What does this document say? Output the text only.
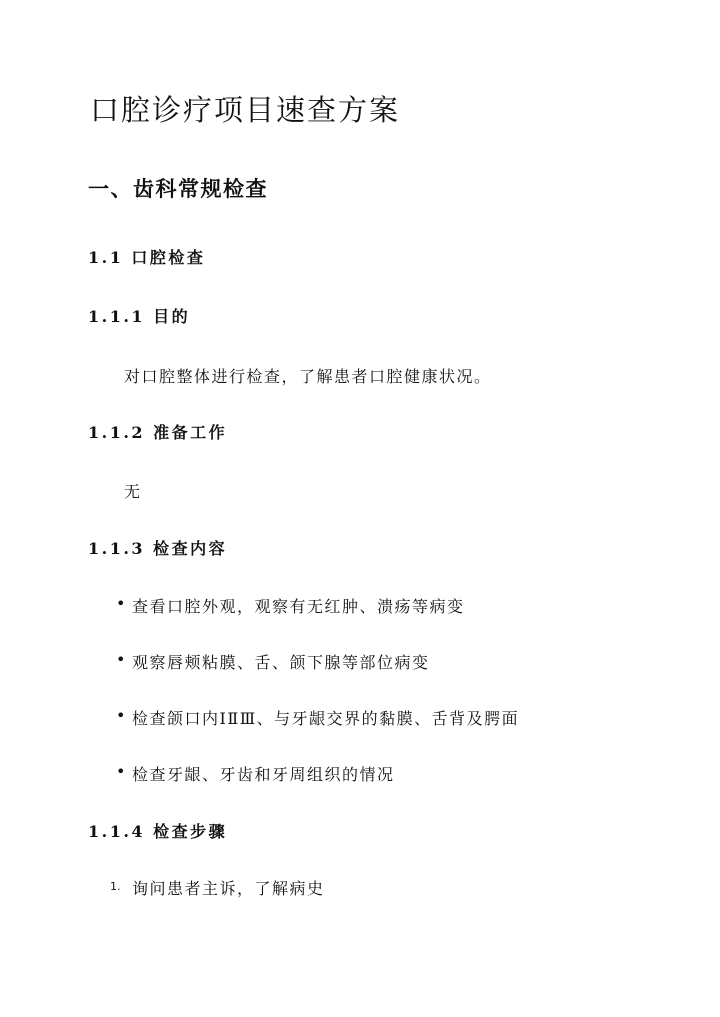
口腔诊疗项目速查方案
一、齿科常规检查
1.1 口腔检查
1.1.1 目的

对口腔整体进行检查，了解患者口腔健康状况。

1.1.2 准备工作

无

1.1.3 检查内容
• 查看口腔外观，观察有无红肿、溃疡等病变
• 观察唇颊粘膜、舌、颌下腺等部位病变
• 检查颌口内ⅠⅡⅢ、与牙龈交界的黏膜、舌背及腭面
• 检查牙龈、牙齿和牙周组织的情况
1.1.4 检查步骤
1. 询问患者主诉，了解病史
